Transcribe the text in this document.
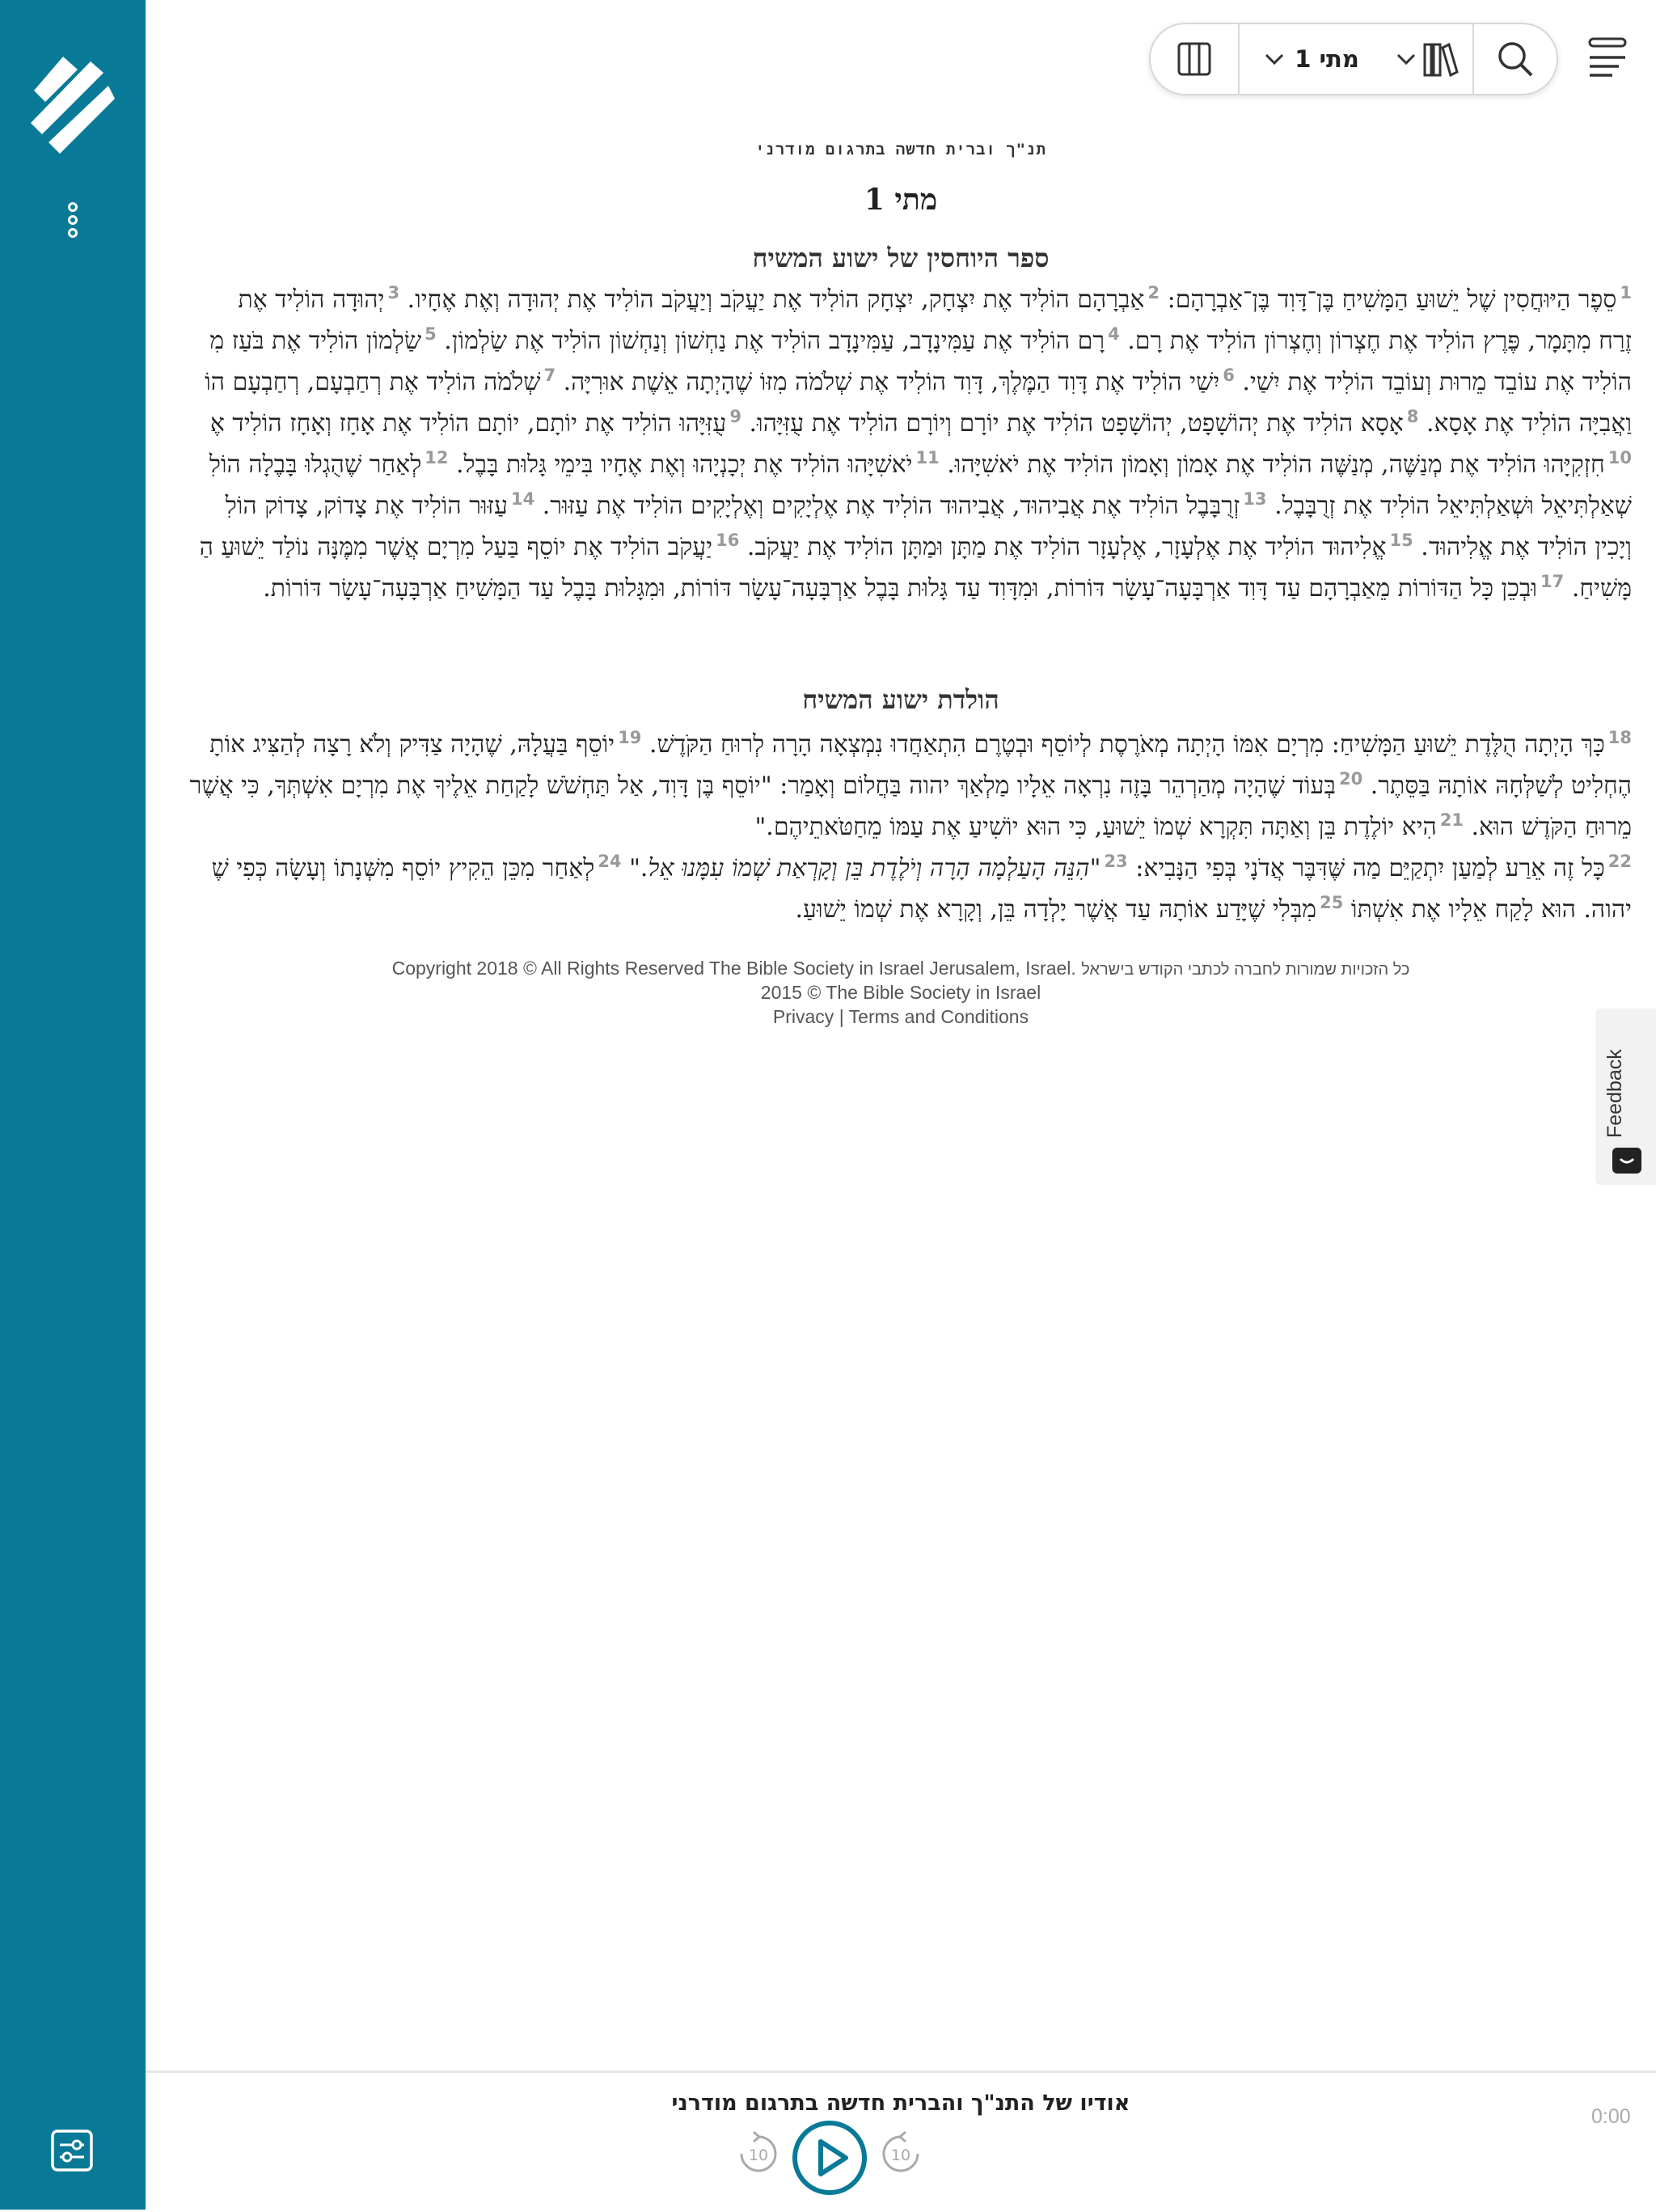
מתי 1
תנ"ך וברית חדשה בתרגום מודרני
מתי 1
ספר היוחסין של ישוע המשיח
$^1$סֵפֶר הַיּוּחֲסִין שֶׁל יֵשׁוּעַ הַמָּשִׁיחַ בֶּן־דָּוִד בֶּן־אַבְרָהָם: $^2$אַבְרָהָם הוֹלִיד אֶת יִצְחָק, יִצְחָק הוֹלִיד אֶת יַעֲקֹב וְיַעֲקֹב הוֹלִיד אֶת יְהוּדָה וְאֶת אֶחָיו. $^3$יְהוּדָה הוֹלִיד אֶת
זֶרַח מִתָּמָר, פֶּרֶץ הוֹלִיד אֶת חֶצְרוֹן וְחֶצְרוֹן הוֹלִיד אֶת רָם. $^4$רָם הוֹלִיד אֶת עַמִּינָדָב, עַמִּינָדָב הוֹלִיד אֶת נַחְשׁוֹן וְנַחְשׁוֹן הוֹלִיד אֶת שַׂלְמוֹן. $^5$שַׂלְמוֹן הוֹלִיד אֶת בֹּעַז מִ
הוֹלִיד אֶת עוֹבֵד מֵרוּת וְעוֹבֵד הוֹלִיד אֶת יִשַׁי. $^6$יִשַׁי הוֹלִיד אֶת דָּוִד הַמֶּלֶךְ, דָּוִד הוֹלִיד אֶת שְׁלֹמֹה מִזּוֹ שֶׁהָיְתָה אֵשֶׁת אוּרִיָּה. $^7$שְׁלֹמֹה הוֹלִיד אֶת רְחַבְעָם, רְחַבְעָם הוֹ
וַאֲבִיָּה הוֹלִיד אֶת אָסָא. $^8$אָסָא הוֹלִיד אֶת יְהוֹשָׁפָט, יְהוֹשָׁפָט הוֹלִיד אֶת יוֹרָם וְיוֹרָם הוֹלִיד אֶת עֻזִּיָּהוּ. $^9$עֻזִּיָּהוּ הוֹלִיד אֶת יוֹתָם, יוֹתָם הוֹלִיד אֶת אָחָז וְאָחָז הוֹלִיד אֶ
$^{10}$חִזְקִיָּהוּ הוֹלִיד אֶת מְנַשֶּׁה, מְנַשֶּׁה הוֹלִיד אֶת אָמוֹן וְאָמוֹן הוֹלִיד אֶת יֹאשִׁיָּהוּ. $^{11}$יֹאשִׁיָּהוּ הוֹלִיד אֶת יְכָנְיָהוּ וְאֶת אֶחָיו בִּימֵי גָּלוּת בָּבֶל. $^{12}$לְאַחַר שֶׁהֻגְלוּ בָּבֶלָה הוֹלִ
שְׁאַלְתִּיאֵל וּשְׁאַלְתִּיאֵל הוֹלִיד אֶת זְרֻבָּבֶל. $^{13}$זְרֻבָּבֶל הוֹלִיד אֶת אֲבִיהוּד, אֲבִיהוּד הוֹלִיד אֶת אֶלְיָקִים וְאֶלְיָקִים הוֹלִיד אֶת עַזּוּר. $^{14}$עַזּוּר הוֹלִיד אֶת צָדוֹק, צָדוֹק הוֹלִ
וְיָכִין הוֹלִיד אֶת אֱלִיהוּד. $^{15}$אֱלִיהוּד הוֹלִיד אֶת אֶלְעָזָר, אֶלְעָזָר הוֹלִיד אֶת מַתָּן וּמַתָּן הוֹלִיד אֶת יַעֲקֹב. $^{16}$יַעֲקֹב הוֹלִיד אֶת יוֹסֵף בַּעַל מִרְיָם אֲשֶׁר מִמֶּנָּה נוֹלַד יֵשׁוּעַ הַ
מָּשִׁיחַ. $^{17}$וּבְכֵן כָּל הַדּוֹרוֹת מֵאַבְרָהָם עַד דָּוִד אַרְבָּעָה־עָשָׂר דּוֹרוֹת, וּמִדָּוִד עַד גָּלוּת בָּבֶל אַרְבָּעָה־עָשָׂר דּוֹרוֹת, וּמִגָּלוּת בָּבֶל עַד הַמָּשִׁיחַ אַרְבָּעָה־עָשָׂר דּוֹרוֹת.
הולדת ישוע המשיח
$^{18}$כָּךְ הָיְתָה הֻלֶּדֶת יֵשׁוּעַ הַמָּשִׁיחַ: מִרְיָם אִמּוֹ הָיְתָה מְאֹרֶסֶת לְיוֹסֵף וּבְטֶרֶם הִתְאַחֲדוּ נִמְצְאָה הָרָה לְרוּחַ הַקֹּדֶשׁ. $^{19}$יוֹסֵף בַּעֲלָהּ, שֶׁהָיָה צַדִּיק וְלֹא רָצָה לְהַצִּיג אוֹתָ
הֶחְלִיט לְשַׁלְּחָהּ אוֹתָהּ בַּסֵּתֶר. $^{20}$בְּעוֹד שֶׁהָיָה מְהַרְהֵר בָּזֶה נִרְאָה אֵלָיו מַלְאַךְ יהוה בַּחֲלוֹם וְאָמַר: "יוֹסֵף בֶּן דָּוִד, אַל תַּחְשֹׁשׁ לָקַחַת אֵלֶיךָ אֶת מִרְיָם אִשְׁתְּךָ, כִּי אֲשֶׁר
מֵרוּחַ הַקֹּדֶשׁ הוּא. $^{21}$הִיא יוֹלֶדֶת בֵּן וְאַתָּה תִּקְרָא שְׁמוֹ יֵשׁוּעַ, כִּי הוּא יוֹשִׁיעַ אֶת עַמּוֹ מֵחַטֹּאתֵיהֶם."
$^{22}$כָּל זֶה אֵרַע לְמַעַן יִתְקַיֵּם מַה שֶּׁדִּבֶּר אֲדֹנָי בְּפִי הַנָּבִיא: $^{23}$"הִנֵּה הָעַלְמָה הָרָה וְיֹלֶדֶת בֵּן וְקָרְאַת שְׁמוֹ עִמָּנוּ אֵל." $^{24}$לְאַחַר מִכֵּן הֵקִיץ יוֹסֵף מִשְּׁנָתוֹ וְעָשָׂה כְּפִי שֶׁ
יהוה. הוּא לָקַח אֵלָיו אֶת אִשְׁתּוֹ $^{25}$מִבְּלִי שֶׁיָּדַע אוֹתָהּ עַד אֲשֶׁר יָלְדָה בֵּן, וְקָרָא אֶת שְׁמוֹ יֵשׁוּעַ.
Copyright 2018 © All Rights Reserved The Bible Society in Israel Jerusalem, Israel. כל הזכויות שמורות לחברה לכתבי הקודש בישראל
2015 © The Bible Society in Israel
Privacy | Terms and Conditions
Feedback
אודיו של התנ"ך והברית חדשה בתרגום מודרני
0:00
10	10
